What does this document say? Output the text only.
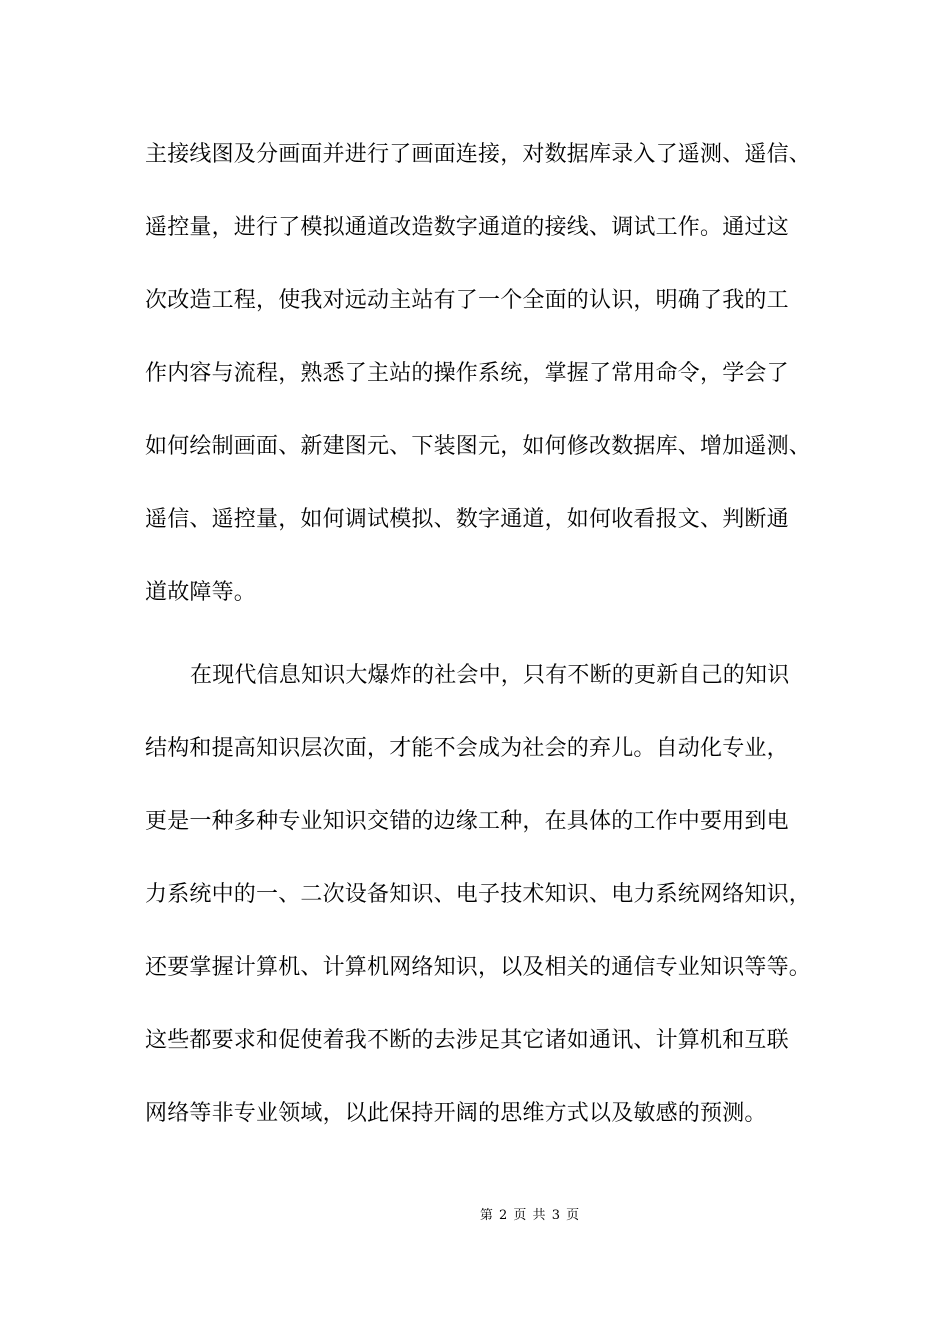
主接线图及分画面并进行了画面连接，对数据库录入了遥测、遥信、
遥控量，进行了模拟通道改造数字通道的接线、调试工作。通过这
次改造工程，使我对远动主站有了一个全面的认识，明确了我的工
作内容与流程，熟悉了主站的操作系统，掌握了常用命令，学会了
如何绘制画面、新建图元、下装图元，如何修改数据库、增加遥测、
遥信、遥控量，如何调试模拟、数字通道，如何收看报文、判断通
道故障等。
在现代信息知识大爆炸的社会中，只有不断的更新自己的知识
结构和提高知识层次面，才能不会成为社会的弃儿。自动化专业，
更是一种多种专业知识交错的边缘工种，在具体的工作中要用到电
力系统中的一、二次设备知识、电子技术知识、电力系统网络知识，
还要掌握计算机、计算机网络知识，以及相关的通信专业知识等等。
这些都要求和促使着我不断的去涉足其它诸如通讯、计算机和互联
网络等非专业领域，以此保持开阔的思维方式以及敏感的预测。
第 2 页 共 3 页
